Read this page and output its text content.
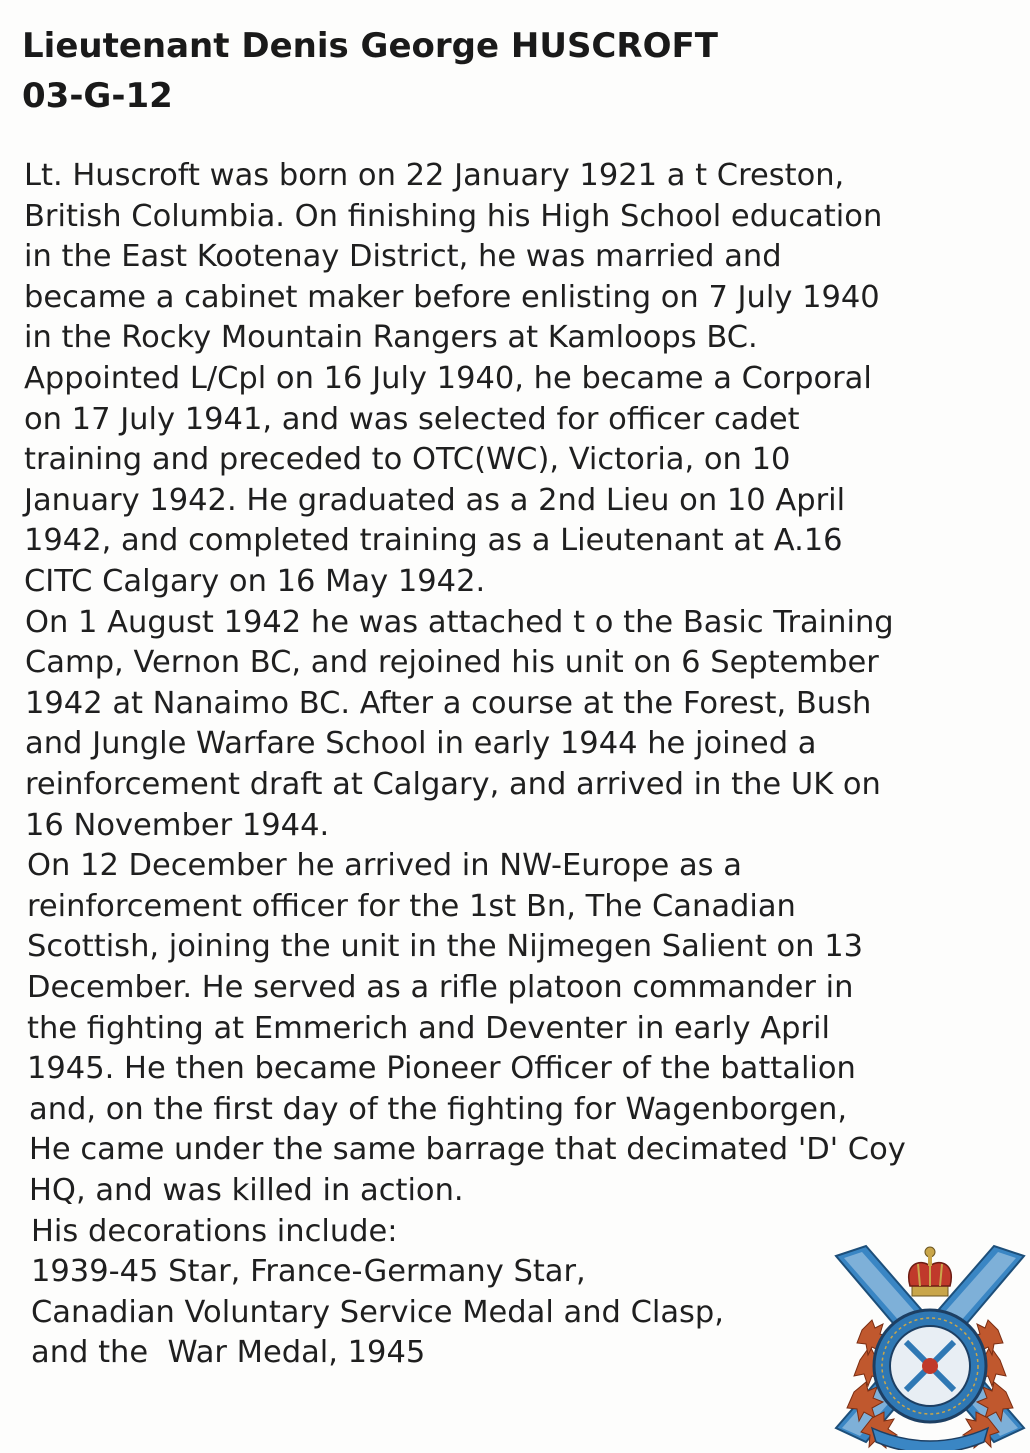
Lieutenant Denis George HUSCROFT
03-G-12

Lt. Huscroft was born on 22 January 1921 a t Creston,

British Columbia. On finishing his High School education

in the East Kootenay District, he was married and

became a cabinet maker before enlisting on 7 July 1940

in the Rocky Mountain Rangers at Kamloops BC.

Appointed L/Cpl on 16 July 1940, he became a Corporal

on 17 July 1941, and was selected for officer cadet

training and preceded to OTC(WC), Victoria, on 10

January 1942. He graduated as a 2nd Lieu on 10 April

1942, and completed training as a Lieutenant at A.16

CITC Calgary on 16 May 1942.

On 1 August 1942 he was attached t o the Basic Training

Camp, Vernon BC, and rejoined his unit on 6 September

1942 at Nanaimo BC. After a course at the Forest, Bush

and Jungle Warfare School in early 1944 he joined a

reinforcement draft at Calgary, and arrived in the UK on

16 November 1944.

On 12 December he arrived in NW-Europe as a

reinforcement officer for the 1st Bn, The Canadian

Scottish, joining the unit in the Nijmegen Salient on 13

December. He served as a rifle platoon commander in

the fighting at Emmerich and Deventer in early April

1945. He then became Pioneer Officer of the battalion

and, on the first day of the fighting for Wagenborgen,

He came under the same barrage that decimated 'D' Coy

HQ, and was killed in action.

His decorations include:

1939-45 Star, France-Germany Star,

Canadian Voluntary Service Medal and Clasp,

and the  War Medal, 1945
